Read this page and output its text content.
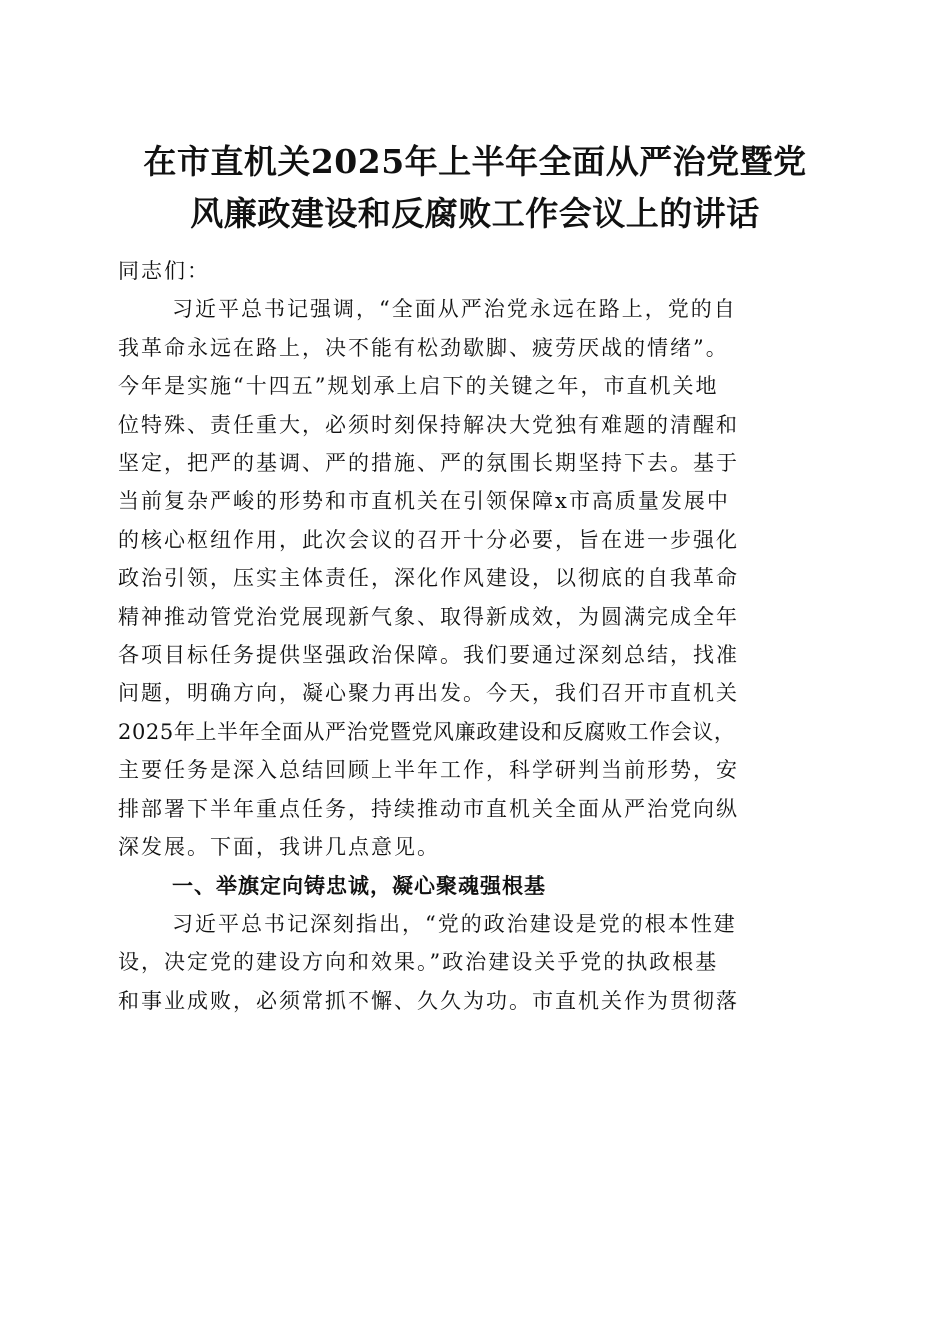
在市直机关2025年上半年全面从严治党暨党
风廉政建设和反腐败工作会议上的讲话

同志们：

习近平总书记强调，“全面从严治党永远在路上，党的自

我革命永远在路上，决不能有松劲歇脚、疲劳厌战的情绪”。

今年是实施“十四五”规划承上启下的关键之年，市直机关地

位特殊、责任重大，必须时刻保持解决大党独有难题的清醒和

坚定，把严的基调、严的措施、严的氛围长期坚持下去。基于

当前复杂严峻的形势和市直机关在引领保障x市高质量发展中

的核心枢纽作用，此次会议的召开十分必要，旨在进一步强化

政治引领，压实主体责任，深化作风建设，以彻底的自我革命

精神推动管党治党展现新气象、取得新成效，为圆满完成全年

各项目标任务提供坚强政治保障。我们要通过深刻总结，找准

问题，明确方向，凝心聚力再出发。今天，我们召开市直机关

2025年上半年全面从严治党暨党风廉政建设和反腐败工作会议，

主要任务是深入总结回顾上半年工作，科学研判当前形势，安

排部署下半年重点任务，持续推动市直机关全面从严治党向纵

深发展。下面，我讲几点意见。

一、举旗定向铸忠诚，凝心聚魂强根基

习近平总书记深刻指出，“党的政治建设是党的根本性建

设，决定党的建设方向和效果。”政治建设关乎党的执政根基

和事业成败，必须常抓不懈、久久为功。市直机关作为贯彻落
